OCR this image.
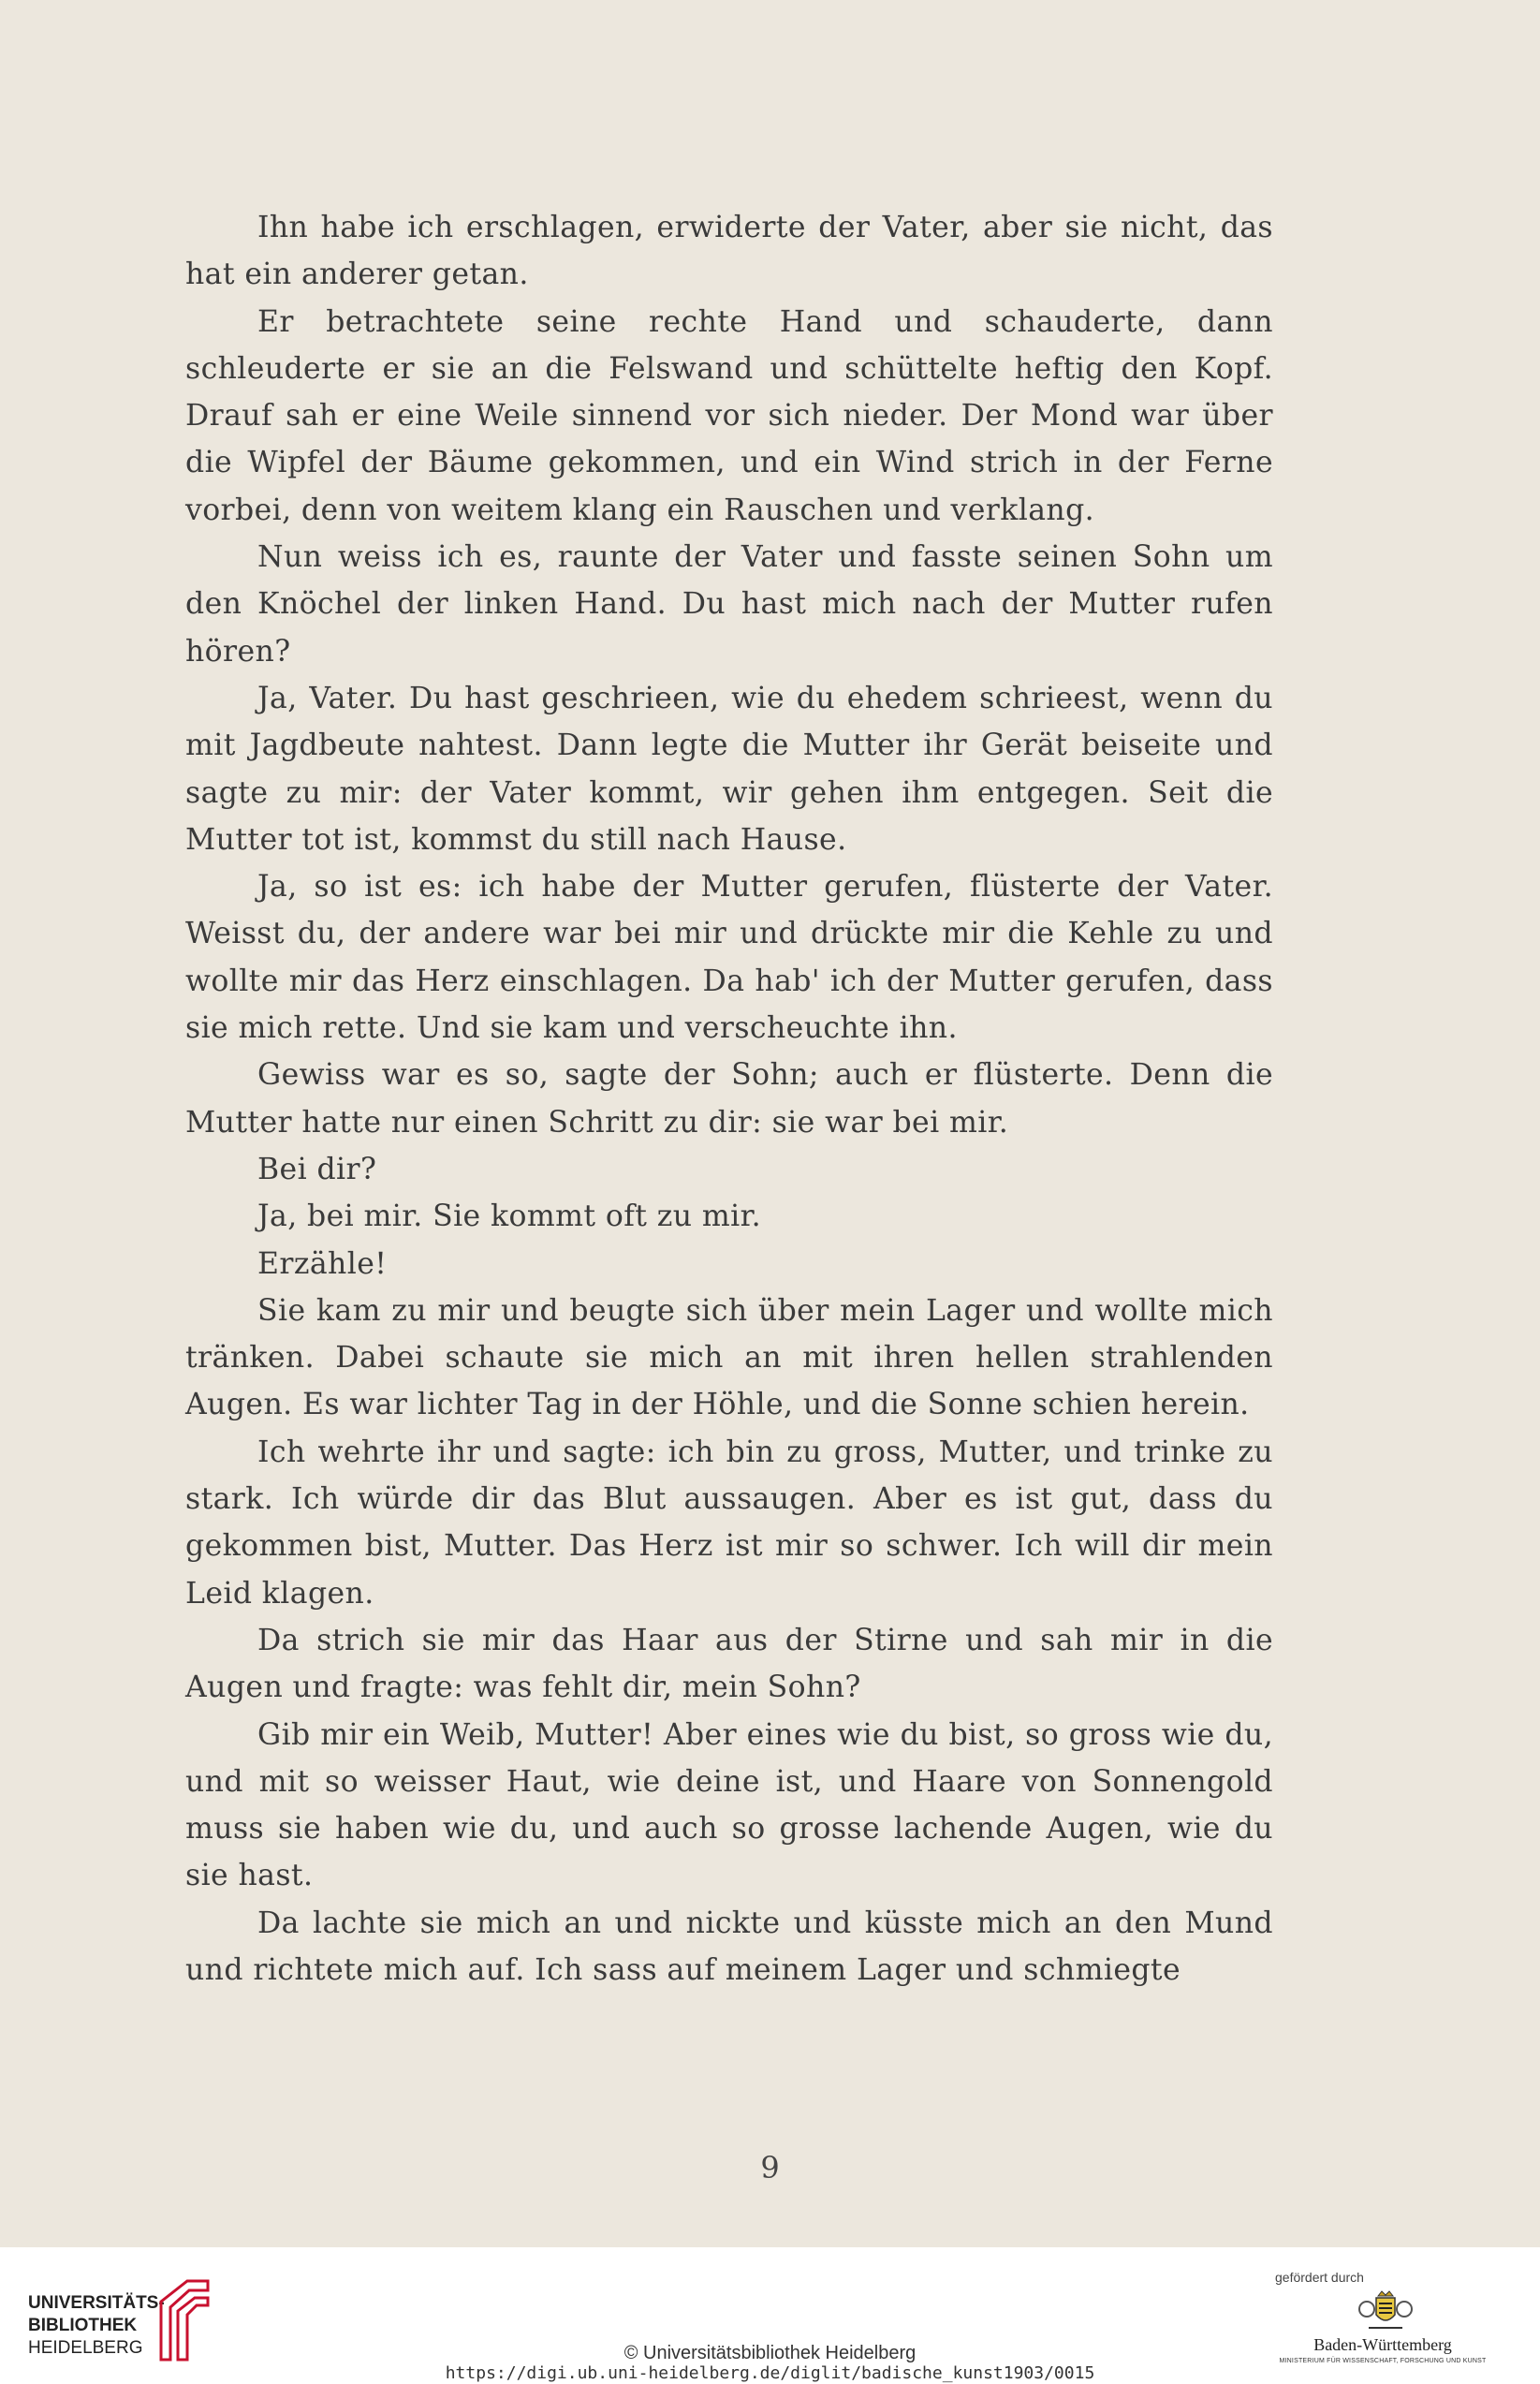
Ihn habe ich erschlagen, erwiderte der Vater, aber sie nicht, das hat ein anderer getan.

Er betrachtete seine rechte Hand und schauderte, dann schleuderte er sie an die Felswand und schüttelte heftig den Kopf. Drauf sah er eine Weile sinnend vor sich nieder. Der Mond war über die Wipfel der Bäume gekommen, und ein Wind strich in der Ferne vorbei, denn von weitem klang ein Rauschen und verklang.

Nun weiss ich es, raunte der Vater und fasste seinen Sohn um den Knöchel der linken Hand. Du hast mich nach der Mutter rufen hören?

Ja, Vater. Du hast geschrieen, wie du ehedem schrieest, wenn du mit Jagdbeute nahtest. Dann legte die Mutter ihr Gerät beiseite und sagte zu mir: der Vater kommt, wir gehen ihm entgegen. Seit die Mutter tot ist, kommst du still nach Hause.

Ja, so ist es: ich habe der Mutter gerufen, flüsterte der Vater. Weisst du, der andere war bei mir und drückte mir die Kehle zu und wollte mir das Herz einschlagen. Da hab' ich der Mutter gerufen, dass sie mich rette. Und sie kam und verscheuchte ihn.

Gewiss war es so, sagte der Sohn; auch er flüsterte. Denn die Mutter hatte nur einen Schritt zu dir: sie war bei mir.

Bei dir?

Ja, bei mir. Sie kommt oft zu mir.

Erzähle!

Sie kam zu mir und beugte sich über mein Lager und wollte mich tränken. Dabei schaute sie mich an mit ihren hellen strahlenden Augen. Es war lichter Tag in der Höhle, und die Sonne schien herein.

Ich wehrte ihr und sagte: ich bin zu gross, Mutter, und trinke zu stark. Ich würde dir das Blut aussaugen. Aber es ist gut, dass du gekommen bist, Mutter. Das Herz ist mir so schwer. Ich will dir mein Leid klagen.

Da strich sie mir das Haar aus der Stirne und sah mir in die Augen und fragte: was fehlt dir, mein Sohn?

Gib mir ein Weib, Mutter! Aber eines wie du bist, so gross wie du, und mit so weisser Haut, wie deine ist, und Haare von Sonnengold muss sie haben wie du, und auch so grosse lachende Augen, wie du sie hast.

Da lachte sie mich an und nickte und küsste mich an den Mund und richtete mich auf. Ich sass auf meinem Lager und schmiegte

9
UNIVERSITÄTS-
BIBLIOTHEK
HEIDELBERG	© Universitätsbibliothek Heidelberg
https://digi.ub.uni-heidelberg.de/diglit/badische_kunst1903/0015
gefördert durch
Baden-Württemberg
MINISTERIUM FÜR WISSENSCHAFT, FORSCHUNG UND KUNST
